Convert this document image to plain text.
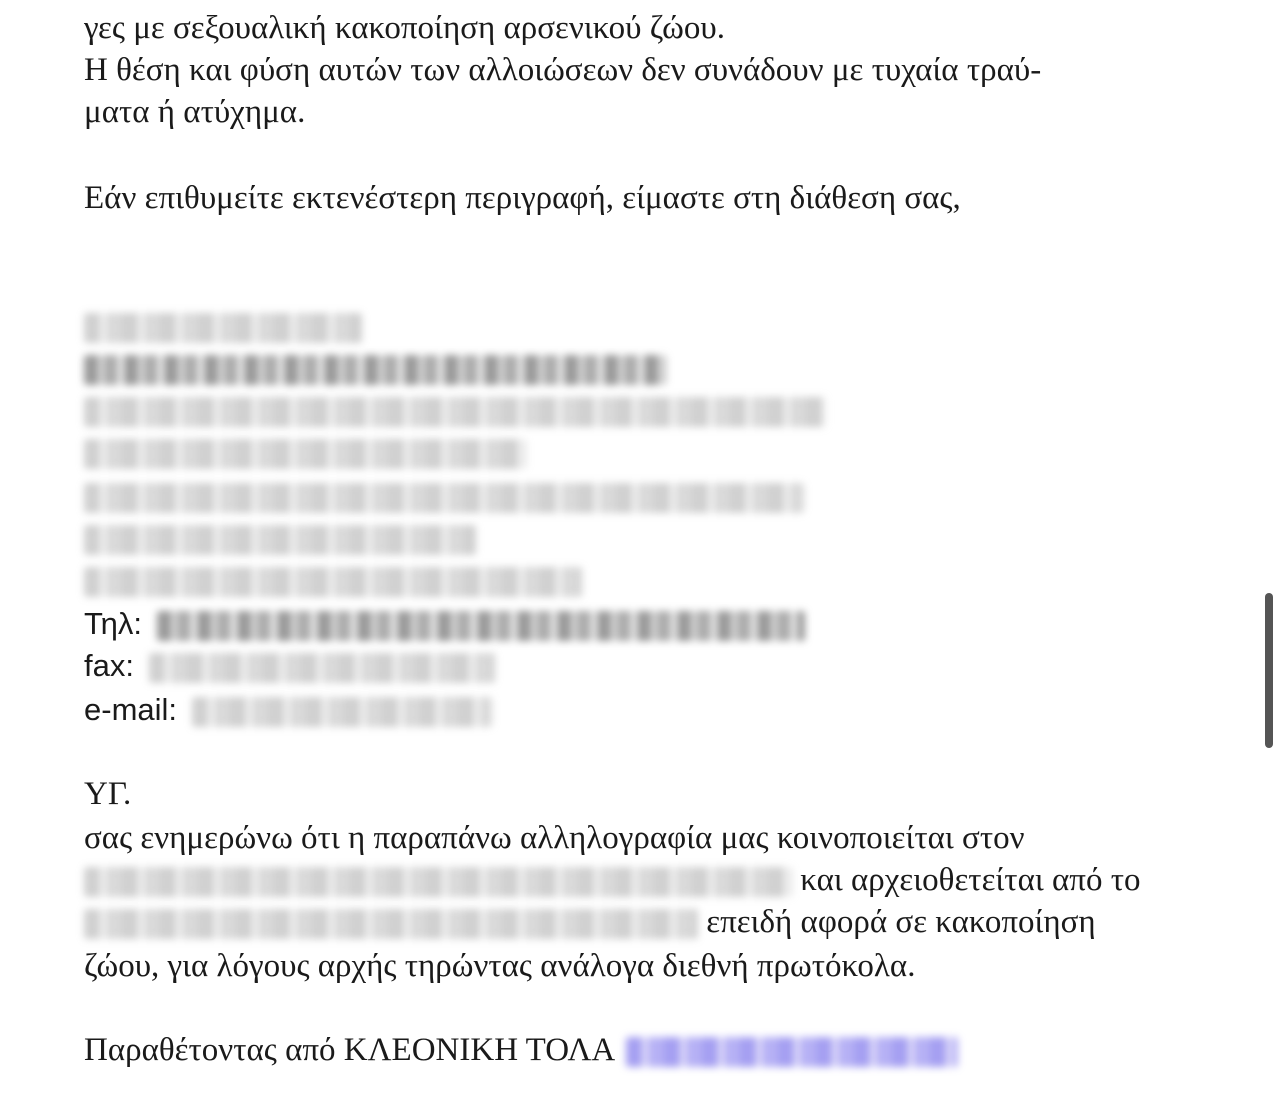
γες με σεξουαλική κακοποίηση αρσενικού ζώου.
Η θέση και φύση αυτών των αλλοιώσεων δεν συνάδουν με τυχαία τραύ-
ματα ή ατύχημα.
Εάν επιθυμείτε εκτενέστερη περιγραφή, είμαστε στη διάθεση σας,
Τηλ:
fax:
e-mail:
ΥΓ.
σας ενημερώνω ότι η παραπάνω αλληλογραφία μας κοινοποιείται στον
και αρχειοθετείται από το
επειδή αφορά σε κακοποίηση
ζώου, για λόγους αρχής τηρώντας ανάλογα διεθνή πρωτόκολα.
Παραθέτοντας από ΚΛΕΟΝΙΚΗ ΤΟΛΑ
